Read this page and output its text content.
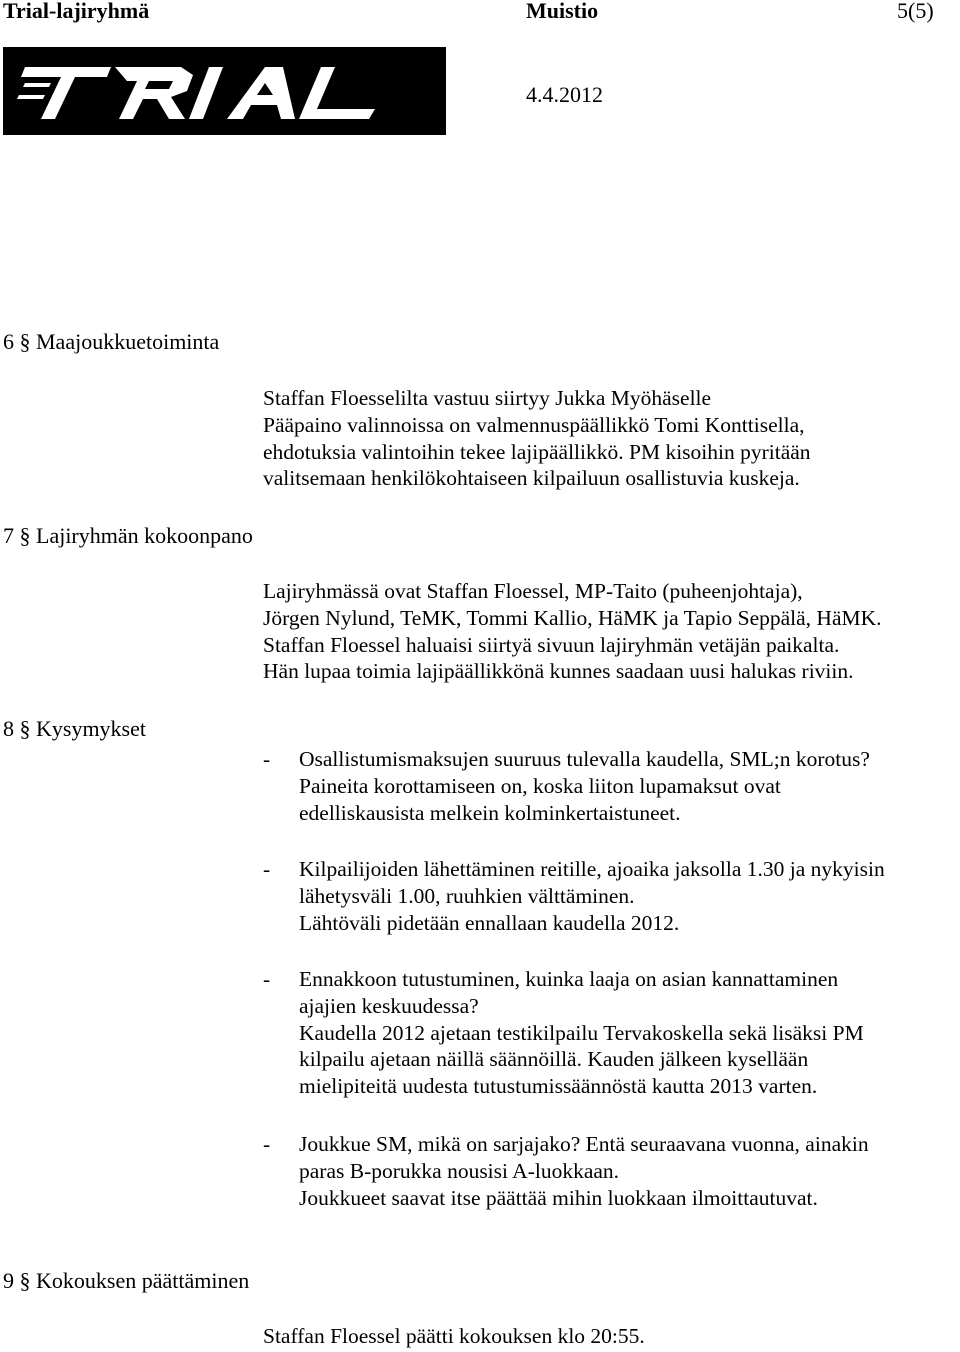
Trial-lajiryhmä	Muistio	5(5)
4.4.2012
6 § Maajoukkuetoiminta
7 § Lajiryhmän kokoonpano
8 § Kysymykset
9 § Kokouksen päättäminen
Staffan Floesselilta vastuu siirtyy Jukka Myöhäselle
Pääpaino valinnoissa on valmennuspäällikkö Tomi Konttisella,
ehdotuksia valintoihin tekee lajipäällikkö. PM kisoihin pyritään
valitsemaan henkilökohtaiseen kilpailuun osallistuvia kuskeja.
Lajiryhmässä ovat Staffan Floessel, MP-Taito (puheenjohtaja),
Jörgen Nylund, TeMK, Tommi Kallio, HäMK ja Tapio Seppälä, HäMK.
Staffan Floessel haluaisi siirtyä sivuun lajiryhmän vetäjän paikalta.
Hän lupaa toimia lajipäällikkönä kunnes saadaan uusi halukas riviin.
- Osallistumismaksujen suuruus tulevalla kaudella, SML;n korotus?
Paineita korottamiseen on, koska liiton lupamaksut ovat
edelliskausista melkein kolminkertaistuneet.
- Kilpailijoiden lähettäminen reitille, ajoaika jaksolla 1.30 ja nykyisin
lähetysväli 1.00, ruuhkien välttäminen.
Lähtöväli pidetään ennallaan kaudella 2012.
- Ennakkoon tutustuminen, kuinka laaja on asian kannattaminen
ajajien keskuudessa?
Kaudella 2012 ajetaan testikilpailu Tervakoskella sekä lisäksi PM
kilpailu ajetaan näillä säännöillä. Kauden jälkeen kysellään
mielipiteitä uudesta tutustumissäännöstä kautta 2013 varten.
- Joukkue SM, mikä on sarjajako? Entä seuraavana vuonna, ainakin
paras B-porukka nousisi A-luokkaan.
Joukkueet saavat itse päättää mihin luokkaan ilmoittautuvat.
Staffan Floessel päätti kokouksen klo 20:55.
